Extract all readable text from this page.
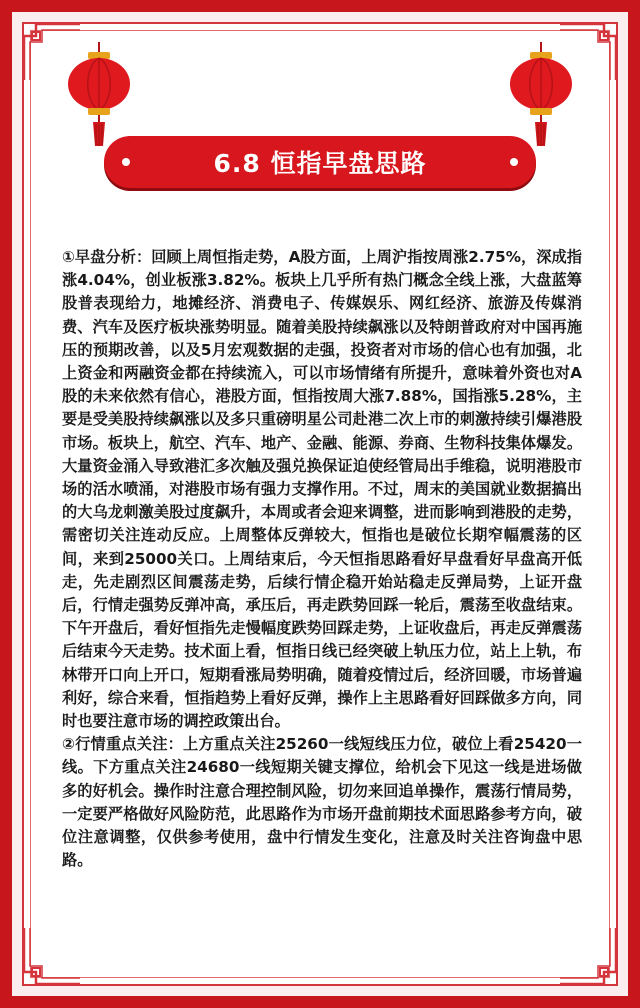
6.8 恒指早盘思路

①早盘分析：回顾上周恒指走势，A股方面，上周沪指按周涨2.75%，深成指涨4.04%，创业板涨3.82%。板块上几乎所有热门概念全线上涨，大盘蓝筹股普表现给力，地摊经济、消费电子、传媒娱乐、网红经济、旅游及传媒消费、汽车及医疗板块涨势明显。随着美股持续飙涨以及特朗普政府对中国再施压的预期改善，以及5月宏观数据的走强，投资者对市场的信心也有加强，北上资金和两融资金都在持续流入，可以市场情绪有所提升，意味着外资也对A股的未来依然有信心，港股方面，恒指按周大涨7.88%，国指涨5.28%，主要是受美股持续飙涨以及多只重磅明星公司赴港二次上市的刺激持续引爆港股市场。板块上，航空、汽车、地产、金融、能源、券商、生物科技集体爆发。大量资金涌入导致港汇多次触及强兑换保证迫使经管局出手维稳，说明港股市场的活水喷涌，对港股市场有强力支撑作用。不过，周末的美国就业数据搞出的大乌龙刺激美股过度飙升，本周或者会迎来调整，进而影响到港股的走势，需密切关注连动反应。上周整体反弹较大，恒指也是破位长期窄幅震荡的区间，来到25000关口。上周结束后，今天恒指思路看好早盘看好早盘高开低走，先走剧烈区间震荡走势，后续行情企稳开始站稳走反弹局势，上证开盘后，行情走强势反弹冲高，承压后，再走跌势回踩一轮后，震荡至收盘结束。下午开盘后，看好恒指先走慢幅度跌势回踩走势，上证收盘后，再走反弹震荡后结束今天走势。技术面上看，恒指日线已经突破上轨压力位，站上上轨，布林带开口向上开口，短期看涨局势明确，随着疫情过后，经济回暖，市场普遍利好，综合来看，恒指趋势上看好反弹，操作上主思路看好回踩做多方向，同时也要注意市场的调控政策出台。

②行情重点关注：上方重点关注25260一线短线压力位，破位上看25420一线。下方重点关注24680一线短期关键支撑位，给机会下见这一线是进场做多的好机会。操作时注意合理控制风险，切勿来回追单操作，震荡行情局势，一定要严格做好风险防范，此思路作为市场开盘前期技术面思路参考方向，破位注意调整，仅供参考使用，盘中行情发生变化，注意及时关注咨询盘中思路。
